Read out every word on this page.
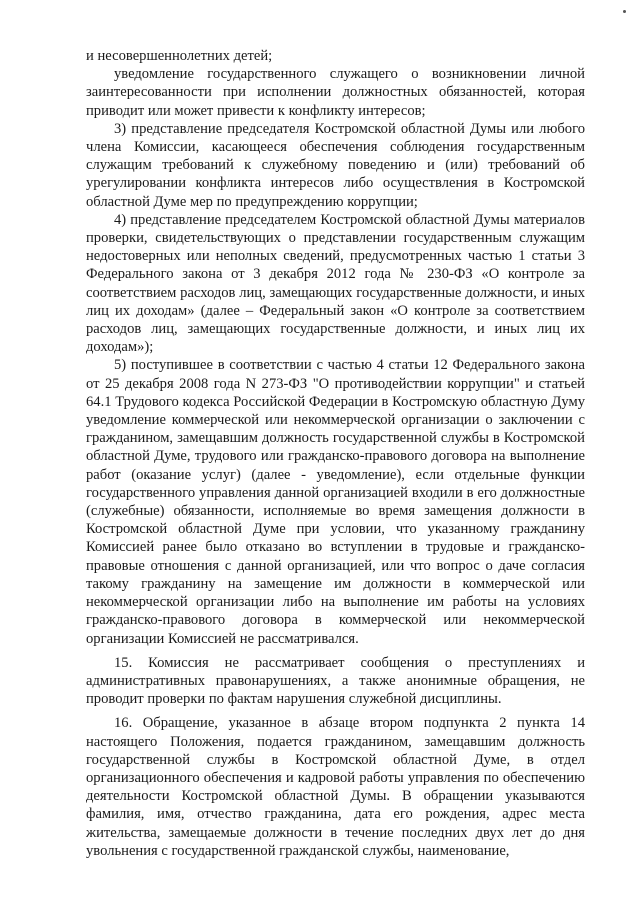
и несовершеннолетних детей;

уведомление государственного служащего о возникновении личной заинтересованности при исполнении должностных обязанностей, которая приводит или может привести к конфликту интересов;

3) представление председателя Костромской областной Думы или любого члена Комиссии, касающееся обеспечения соблюдения государственным служащим требований к служебному поведению и (или) требований об урегулировании конфликта интересов либо осуществления в Костромской областной Думе мер по предупреждению коррупции;

4) представление председателем Костромской областной Думы материалов проверки, свидетельствующих о представлении государственным служащим недостоверных или неполных сведений, предусмотренных частью 1 статьи 3 Федерального закона от 3 декабря 2012 года № 230-ФЗ «О контроле за соответствием расходов лиц, замещающих государственные должности, и иных лиц их доходам» (далее – Федеральный закон «О контроле за соответствием расходов лиц, замещающих государственные должности, и иных лиц их доходам»);

5) поступившее в соответствии с частью 4 статьи 12 Федерального закона от 25 декабря 2008 года N 273-ФЗ "О противодействии коррупции" и статьей 64.1 Трудового кодекса Российской Федерации в Костромскую областную Думу уведомление коммерческой или некоммерческой организации о заключении с гражданином, замещавшим должность государственной службы в Костромской областной Думе, трудового или гражданско-правового договора на выполнение работ (оказание услуг) (далее - уведомление), если отдельные функции государственного управления данной организацией входили в его должностные (служебные) обязанности, исполняемые во время замещения должности в Костромской областной Думе при условии, что указанному гражданину Комиссией ранее было отказано во вступлении в трудовые и гражданско-правовые отношения с данной организацией, или что вопрос о даче согласия такому гражданину на замещение им должности в коммерческой или некоммерческой организации либо на выполнение им работы на условиях гражданско-правового договора в коммерческой или некоммерческой организации Комиссией не рассматривался.

15. Комиссия не рассматривает сообщения о преступлениях и административных правонарушениях, а также анонимные обращения, не проводит проверки по фактам нарушения служебной дисциплины.

16. Обращение, указанное в абзаце втором подпункта 2 пункта 14 настоящего Положения, подается гражданином, замещавшим должность государственной службы в Костромской областной Думе, в отдел организационного обеспечения и кадровой работы управления по обеспечению деятельности Костромской областной Думы. В обращении указываются фамилия, имя, отчество гражданина, дата его рождения, адрес места жительства, замещаемые должности в течение последних двух лет до дня увольнения с государственной гражданской службы, наименование,
